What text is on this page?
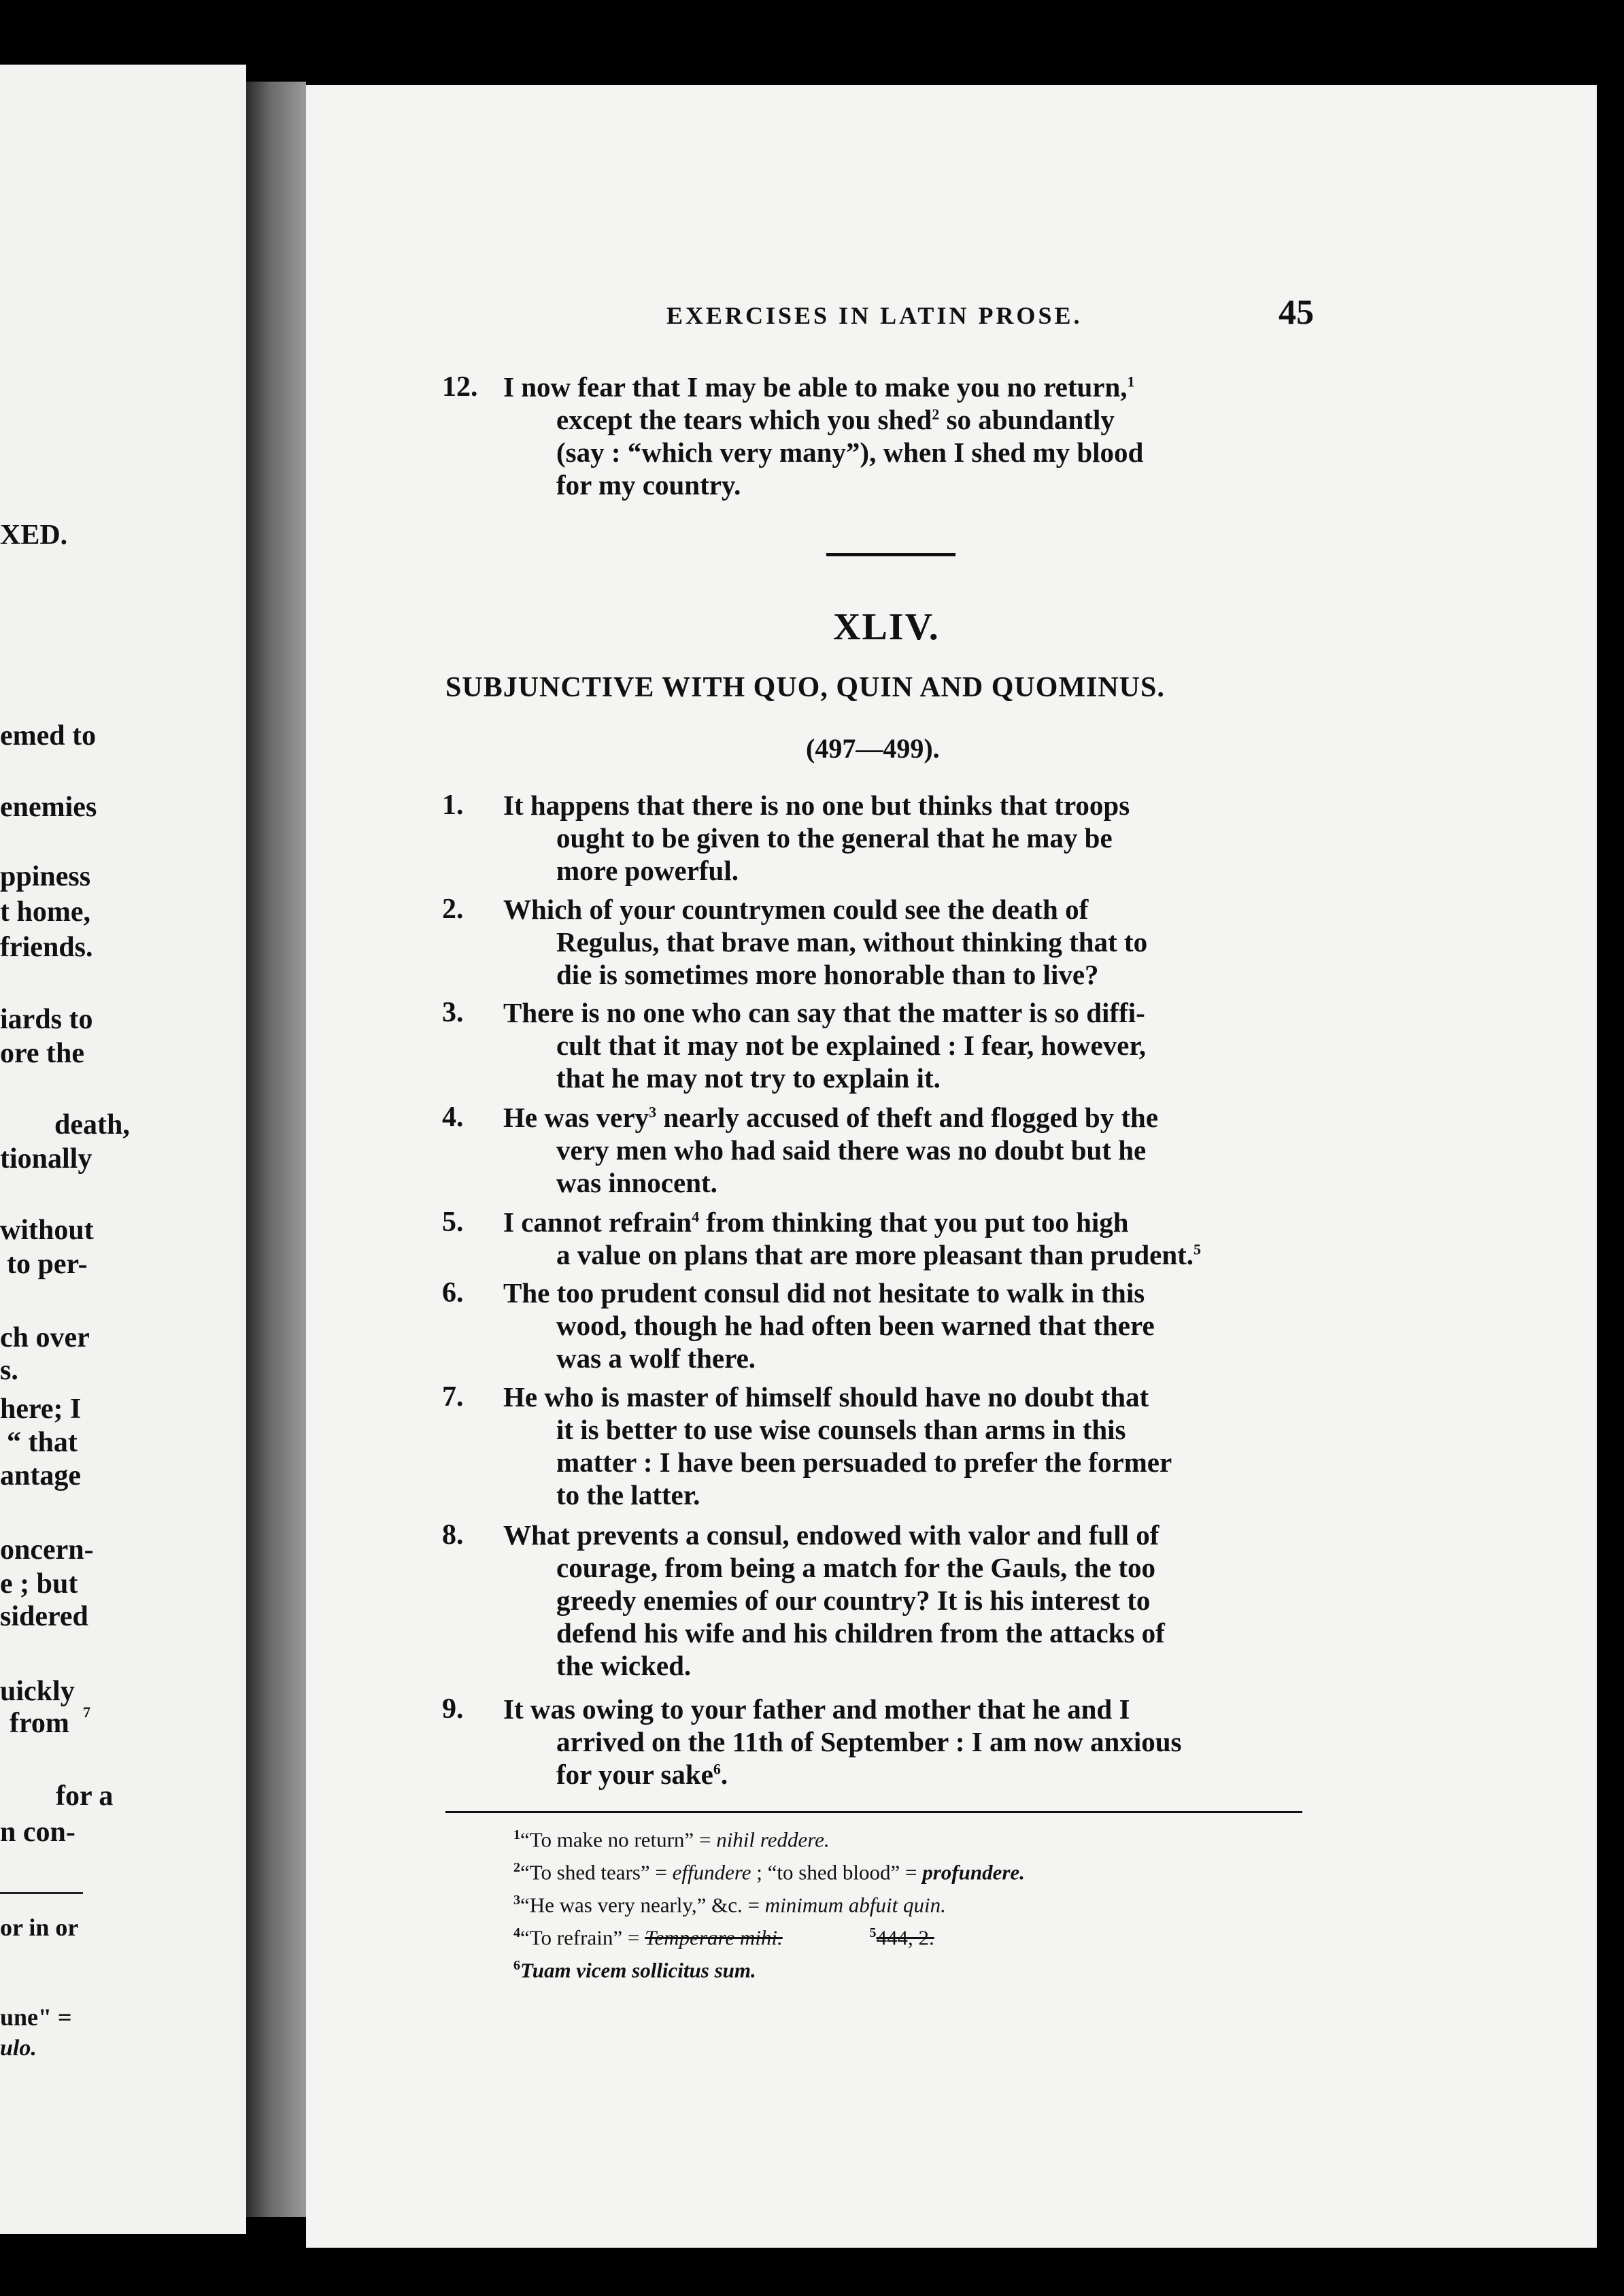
XED.
emed to
enemies
ppiness
t home,
friends.
iards to
ore the
death,
tionally
without
to per-
ch over
s.
here; I
“ that
antage
oncern-
e ; but
sidered
uickly
from 7
for a
n con-
or in or
une" =
ulo.
EXERCISES IN LATIN PROSE.	45
12. I now fear that I may be able to make you no return,$^1$
except the tears which you shed$^2$ so abundantly
(say : “which very many”), when I shed my blood
for my country.
XLIV.
SUBJUNCTIVE WITH QUO, QUIN AND QUOMINUS.
(497—499).
1. It happens that there is no one but thinks that troops
ought to be given to the general that he may be
more powerful.
2. Which of your countrymen could see the death of
Regulus, that brave man, without thinking that to
die is sometimes more honorable than to live?
3. There is no one who can say that the matter is so diffi-
cult that it may not be explained : I fear, however,
that he may not try to explain it.
4. He was very$^3$ nearly accused of theft and flogged by the
very men who had said there was no doubt but he
was innocent.
5. I cannot refrain$^4$ from thinking that you put too high
a value on plans that are more pleasant than prudent.$^5$
6. The too prudent consul did not hesitate to walk in this
wood, though he had often been warned that there
was a wolf there.
7. He who is master of himself should have no doubt that
it is better to use wise counsels than arms in this
matter : I have been persuaded to prefer the former
to the latter.
8. What prevents a consul, endowed with valor and full of
courage, from being a match for the Gauls, the too
greedy enemies of our country? It is his interest to
defend his wife and his children from the attacks of
the wicked.
9. It was owing to your father and mother that he and I
arrived on the 11th of September : I am now anxious
for your sake$^6$.
$^1$“To make no return” = nihil reddere.
$^2$“To shed tears” = effundere ; “to shed blood” = profundere.
$^3$“He was very nearly,” &c. = minimum abfuit quin.
$^4$“To refrain” = Temperare mihi.	$^5$444, 2.
$^6$Tuam vicem sollicitus sum.
